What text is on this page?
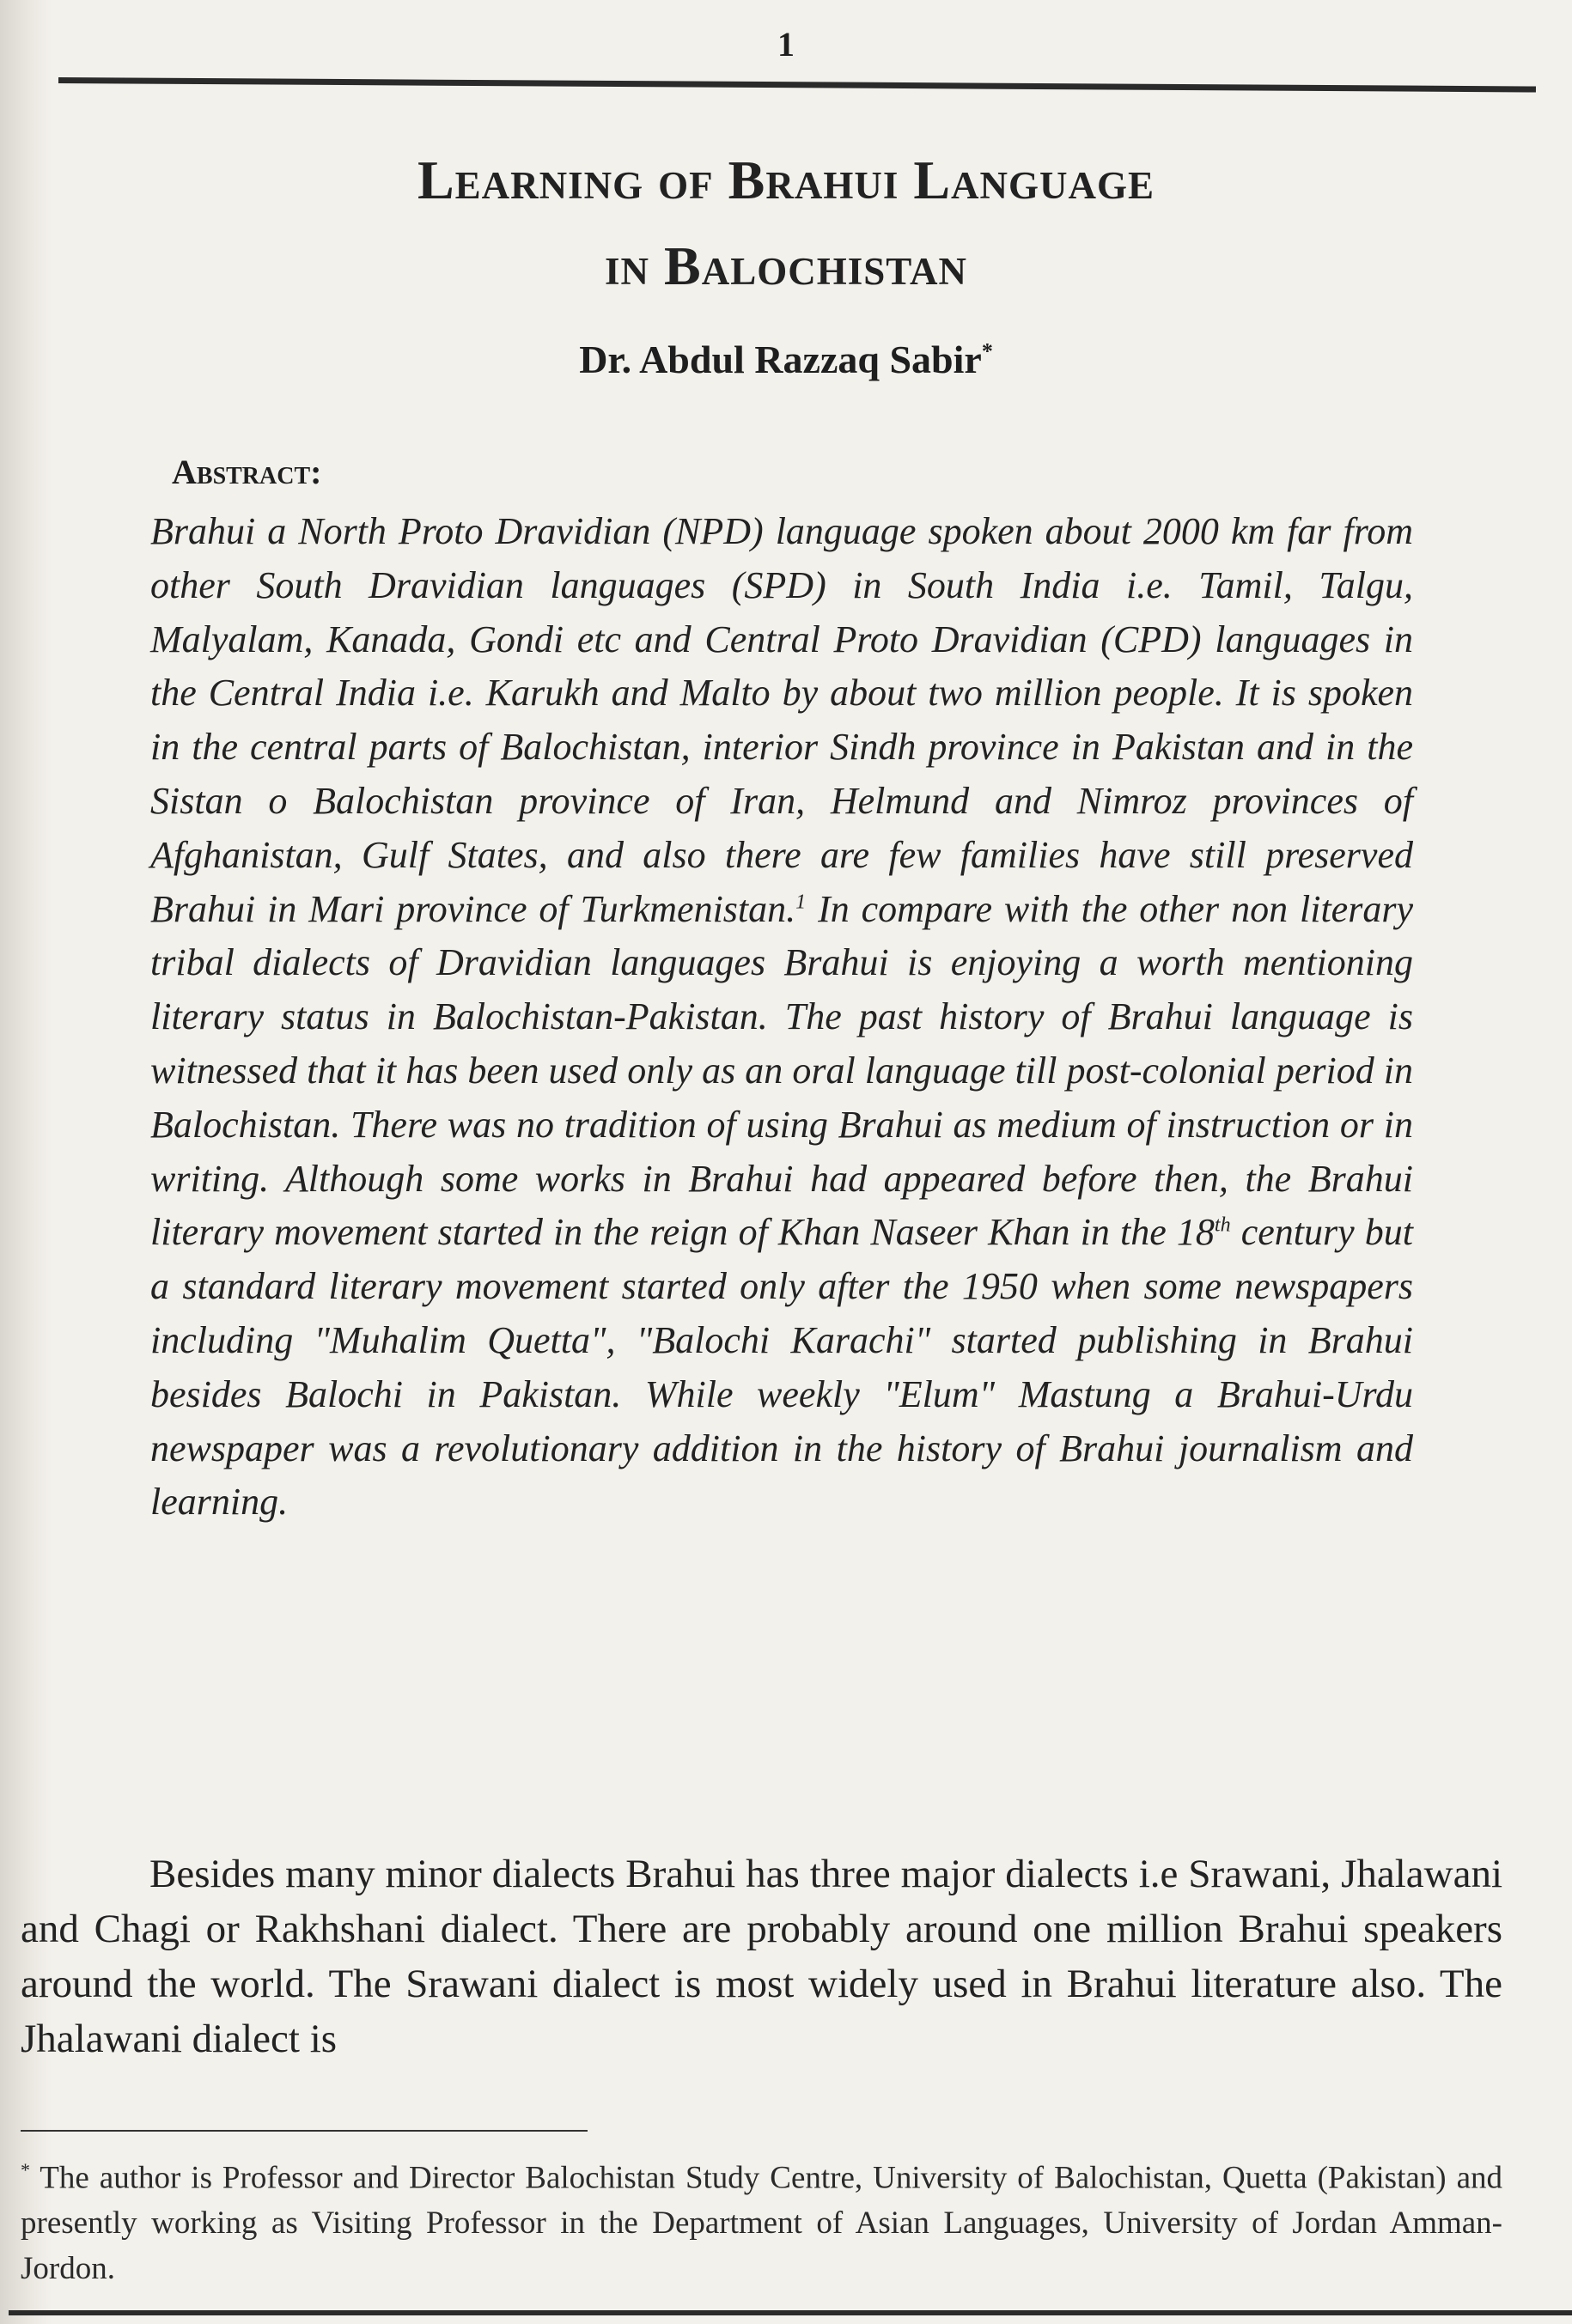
1
Learning of Brahui Language
in Balochistan
Dr. Abdul Razzaq Sabir*
Abstract:
Brahui a North Proto Dravidian (NPD) language spoken about 2000 km far from other South Dravidian languages (SPD) in South India i.e. Tamil, Talgu, Malyalam, Kanada, Gondi etc and Central Proto Dravidian (CPD) languages in the Central India i.e. Karukh and Malto by about two million people. It is spoken in the central parts of Balochistan, interior Sindh province in Pakistan and in the Sistan o Balochistan province of Iran, Helmund and Nimroz provinces of Afghanistan, Gulf States, and also there are few families have still preserved Brahui in Mari province of Turkmenistan.$^1$ In compare with the other non literary tribal dialects of Dravidian languages Brahui is enjoying a worth mentioning literary status in Balochistan-Pakistan. The past history of Brahui language is witnessed that it has been used only as an oral language till post-colonial period in Balochistan. There was no tradition of using Brahui as medium of instruction or in writing. Although some works in Brahui had appeared before then, the Brahui literary movement started in the reign of Khan Naseer Khan in the 18th century but a standard literary movement started only after the 1950 when some newspapers including "Muhalim Quetta", "Balochi Karachi" started publishing in Brahui besides Balochi in Pakistan. While weekly "Elum" Mastung a Brahui-Urdu newspaper was a revolutionary addition in the history of Brahui journalism and learning.
Besides many minor dialects Brahui has three major dialects i.e Srawani, Jhalawani and Chagi or Rakhshani dialect. There are probably around one million Brahui speakers around the world. The Srawani dialect is most widely used in Brahui literature also. The Jhalawani dialect is
* The author is Professor and Director Balochistan Study Centre, University of Balochistan, Quetta (Pakistan) and presently working as Visiting Professor in the Department of Asian Languages, University of Jordan Amman-Jordon.
